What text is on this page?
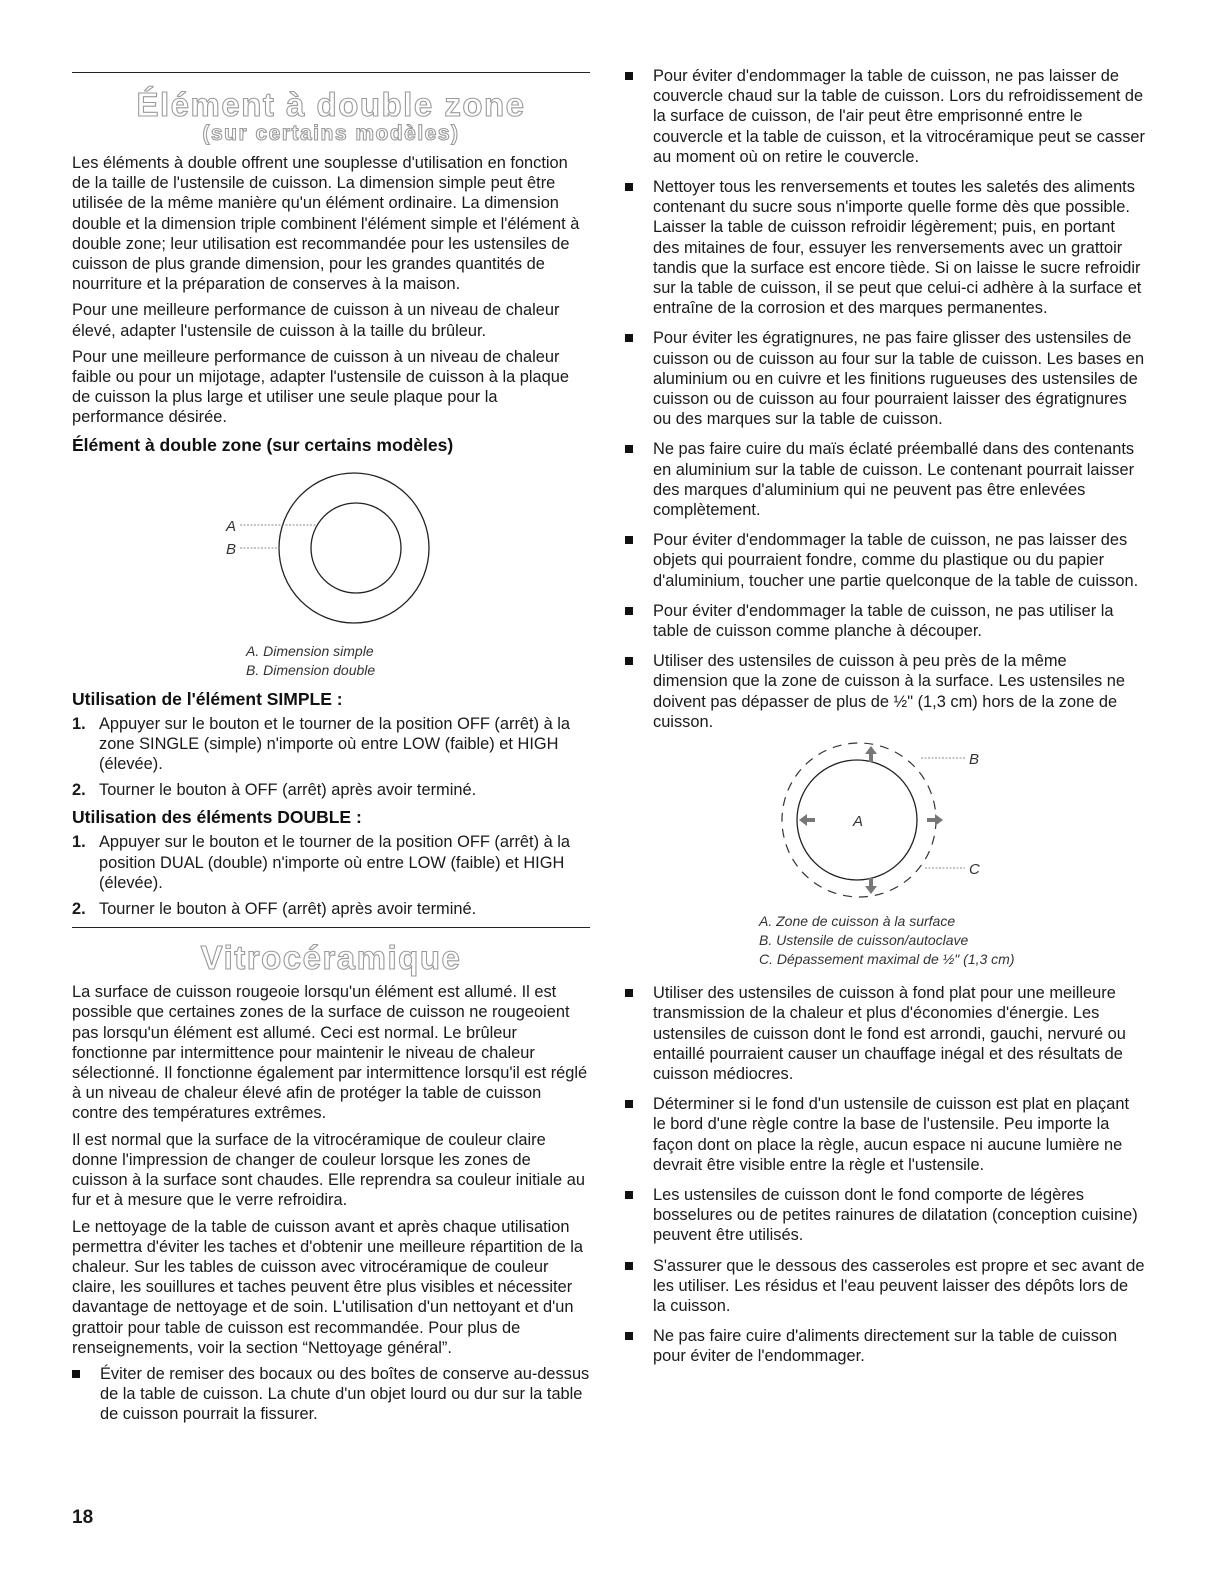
Élément à double zone
(sur certains modèles)

Les éléments à double offrent une souplesse d'utilisation en fonction de la taille de l'ustensile de cuisson. La dimension simple peut être utilisée de la même manière qu'un élément ordinaire. La dimension double et la dimension triple combinent l'élément simple et l'élément à double zone; leur utilisation est recommandée pour les ustensiles de cuisson de plus grande dimension, pour les grandes quantités de nourriture et la préparation de conserves à la maison.

Pour une meilleure performance de cuisson à un niveau de chaleur élevé, adapter l'ustensile de cuisson à la taille du brûleur.

Pour une meilleure performance de cuisson à un niveau de chaleur faible ou pour un mijotage, adapter l'ustensile de cuisson à la plaque de cuisson la plus large et utiliser une seule plaque pour la performance désirée.

Élément à double zone (sur certains modèles)
A
B
A. Dimension simple
B. Dimension double
Utilisation de l'élément SIMPLE :
1. Appuyer sur le bouton et le tourner de la position OFF (arrêt) à la zone SINGLE (simple) n'importe où entre LOW (faible) et HIGH (élevée).
2. Tourner le bouton à OFF (arrêt) après avoir terminé.
Utilisation des éléments DOUBLE :
1. Appuyer sur le bouton et le tourner de la position OFF (arrêt) à la position DUAL (double) n'importe où entre LOW (faible) et HIGH (élevée).
2. Tourner le bouton à OFF (arrêt) après avoir terminé.
Vitrocéramique

La surface de cuisson rougeoie lorsqu'un élément est allumé. Il est possible que certaines zones de la surface de cuisson ne rougeoient pas lorsqu'un élément est allumé. Ceci est normal. Le brûleur fonctionne par intermittence pour maintenir le niveau de chaleur sélectionné. Il fonctionne également par intermittence lorsqu'il est réglé à un niveau de chaleur élevé afin de protéger la table de cuisson contre des températures extrêmes.

Il est normal que la surface de la vitrocéramique de couleur claire donne l'impression de changer de couleur lorsque les zones de cuisson à la surface sont chaudes. Elle reprendra sa couleur initiale au fur et à mesure que le verre refroidira.

Le nettoyage de la table de cuisson avant et après chaque utilisation permettra d'éviter les taches et d'obtenir une meilleure répartition de la chaleur. Sur les tables de cuisson avec vitrocéramique de couleur claire, les souillures et taches peuvent être plus visibles et nécessiter davantage de nettoyage et de soin. L'utilisation d'un nettoyant et d'un grattoir pour table de cuisson est recommandée. Pour plus de renseignements, voir la section “Nettoyage général”.

Éviter de remiser des bocaux ou des boîtes de conserve au-dessus de la table de cuisson. La chute d'un objet lourd ou dur sur la table de cuisson pourrait la fissurer.
Pour éviter d'endommager la table de cuisson, ne pas laisser de couvercle chaud sur la table de cuisson. Lors du refroidissement de la surface de cuisson, de l'air peut être emprisonné entre le couvercle et la table de cuisson, et la vitrocéramique peut se casser au moment où on retire le couvercle.
Nettoyer tous les renversements et toutes les saletés des aliments contenant du sucre sous n'importe quelle forme dès que possible. Laisser la table de cuisson refroidir légèrement; puis, en portant des mitaines de four, essuyer les renversements avec un grattoir tandis que la surface est encore tiède. Si on laisse le sucre refroidir sur la table de cuisson, il se peut que celui-ci adhère à la surface et entraîne de la corrosion et des marques permanentes.
Pour éviter les égratignures, ne pas faire glisser des ustensiles de cuisson ou de cuisson au four sur la table de cuisson. Les bases en aluminium ou en cuivre et les finitions rugueuses des ustensiles de cuisson ou de cuisson au four pourraient laisser des égratignures ou des marques sur la table de cuisson.
Ne pas faire cuire du maïs éclaté préemballé dans des contenants en aluminium sur la table de cuisson. Le contenant pourrait laisser des marques d'aluminium qui ne peuvent pas être enlevées complètement.
Pour éviter d'endommager la table de cuisson, ne pas laisser des objets qui pourraient fondre, comme du plastique ou du papier d'aluminium, toucher une partie quelconque de la table de cuisson.
Pour éviter d'endommager la table de cuisson, ne pas utiliser la table de cuisson comme planche à découper.
Utiliser des ustensiles de cuisson à peu près de la même dimension que la zone de cuisson à la surface. Les ustensiles ne doivent pas dépasser de plus de ½" (1,3 cm) hors de la zone de cuisson.
A
B
C
A. Zone de cuisson à la surface
B. Ustensile de cuisson/autoclave
C. Dépassement maximal de ½" (1,3 cm)
Utiliser des ustensiles de cuisson à fond plat pour une meilleure transmission de la chaleur et plus d'économies d'énergie. Les ustensiles de cuisson dont le fond est arrondi, gauchi, nervuré ou entaillé pourraient causer un chauffage inégal et des résultats de cuisson médiocres.
Déterminer si le fond d'un ustensile de cuisson est plat en plaçant le bord d'une règle contre la base de l'ustensile. Peu importe la façon dont on place la règle, aucun espace ni aucune lumière ne devrait être visible entre la règle et l'ustensile.
Les ustensiles de cuisson dont le fond comporte de légères bosselures ou de petites rainures de dilatation (conception cuisine) peuvent être utilisés.
S'assurer que le dessous des casseroles est propre et sec avant de les utiliser. Les résidus et l'eau peuvent laisser des dépôts lors de la cuisson.
Ne pas faire cuire d'aliments directement sur la table de cuisson pour éviter de l'endommager.
18
